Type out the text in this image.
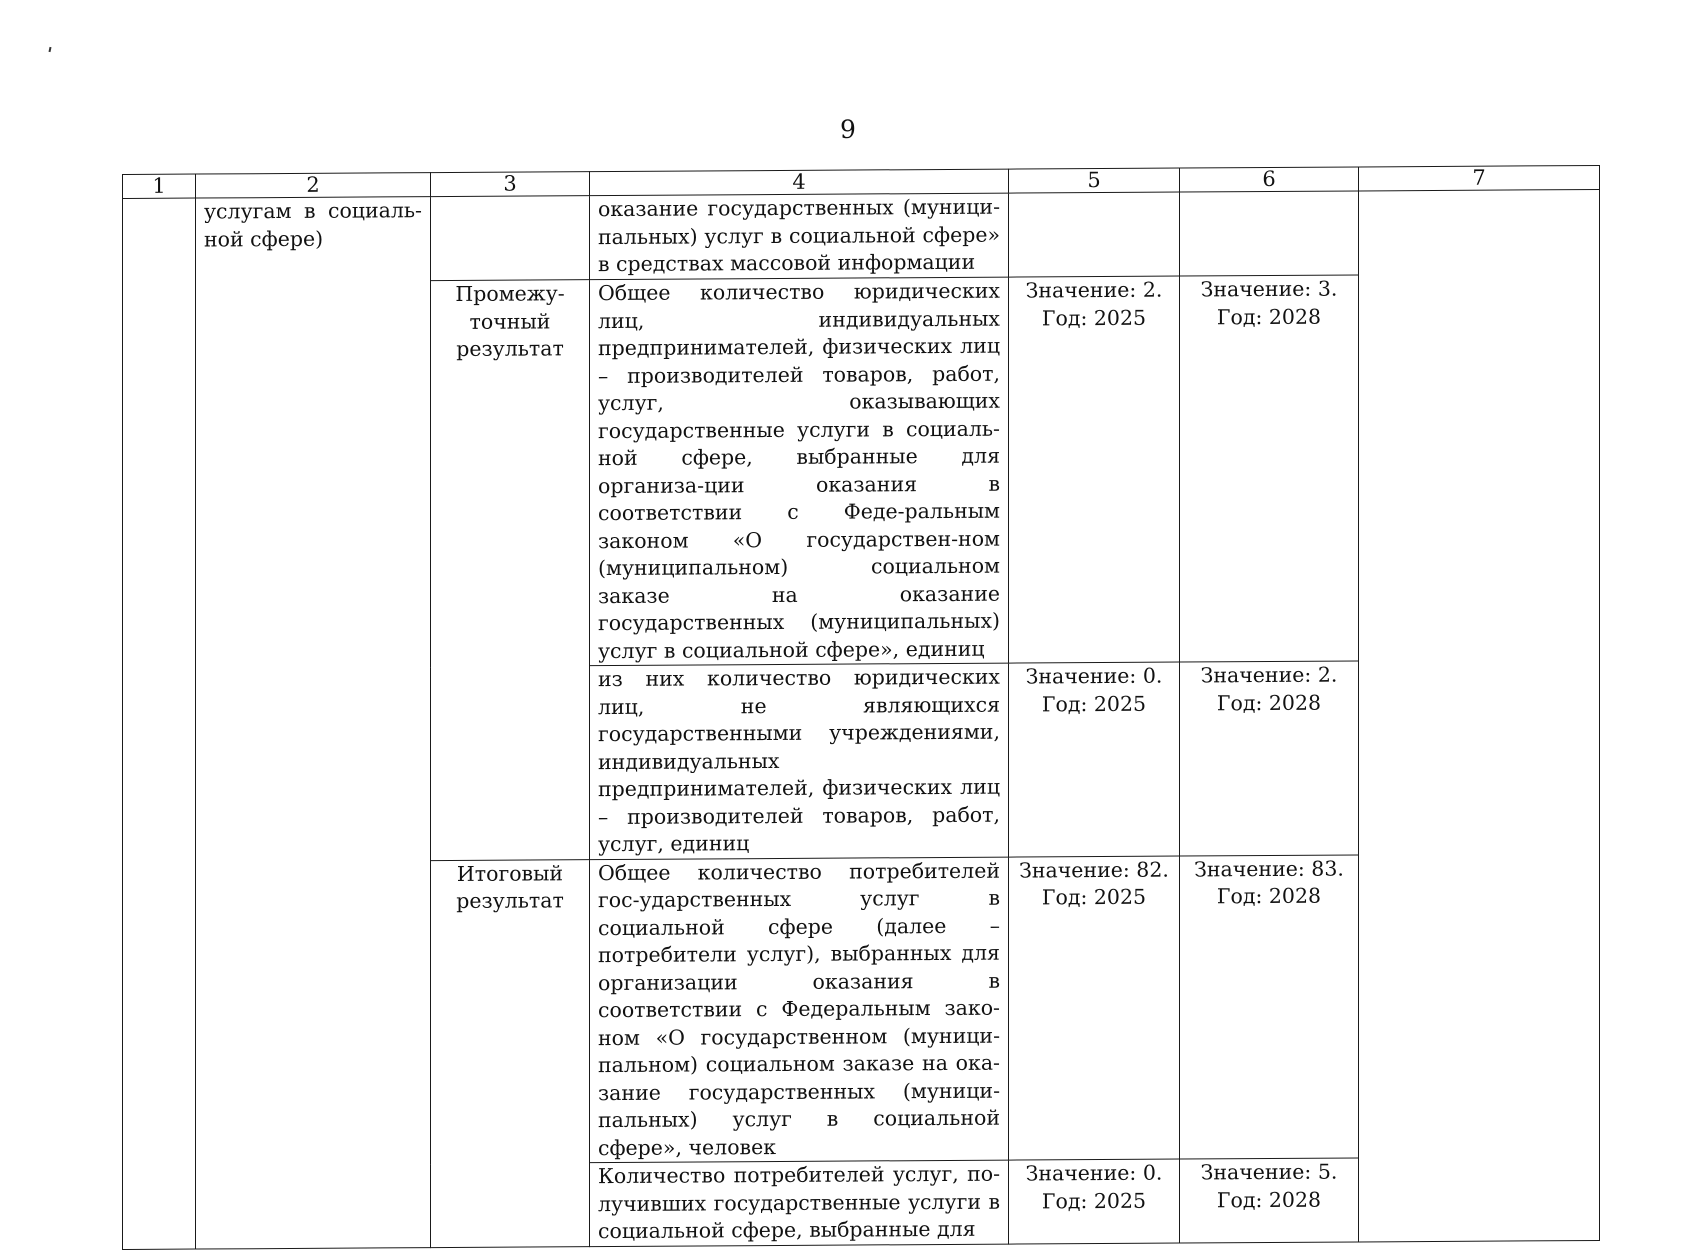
9
1	2	3	4	5	6	7
	услугам в социаль-ной сфере)		оказание государственных (муници-пальных) услуг в социальной сфере» в средствах массовой информации			
		Промежу-точный результат	Общее количество юридических лиц, индивидуальных предпринимателей, физических лиц – производителей товаров, работ, услуг, оказывающих государственные услуги в социаль-ной сфере, выбранные для организа-ции оказания в соответствии с Феде-ральным законом «О государствен-ном (муниципальном) социальном заказе на оказание государственных (муниципальных) услуг в социальной сфере», единиц	Значение: 2. Год: 2025	Значение: 3. Год: 2028	
			из них количество юридических лиц, не являющихся государственными учреждениями, индивидуальных предпринимателей, физических лиц – производителей товаров, работ, услуг, единиц	Значение: 0. Год: 2025	Значение: 2. Год: 2028	
		Итоговый результат	Общее количество потребителей гос-ударственных услуг в социальной сфере (далее – потребители услуг), выбранных для организации оказания в соответствии с Федеральным зако-ном «О государственном (муници-пальном) социальном заказе на ока-зание государственных (муници-пальных) услуг в социальной сфере», человек	Значение: 82. Год: 2025	Значение: 83. Год: 2028	
			Количество потребителей услуг, по-лучивших государственные услуги в социальной сфере, выбранные для	Значение: 0. Год: 2025	Значение: 5. Год: 2028	
